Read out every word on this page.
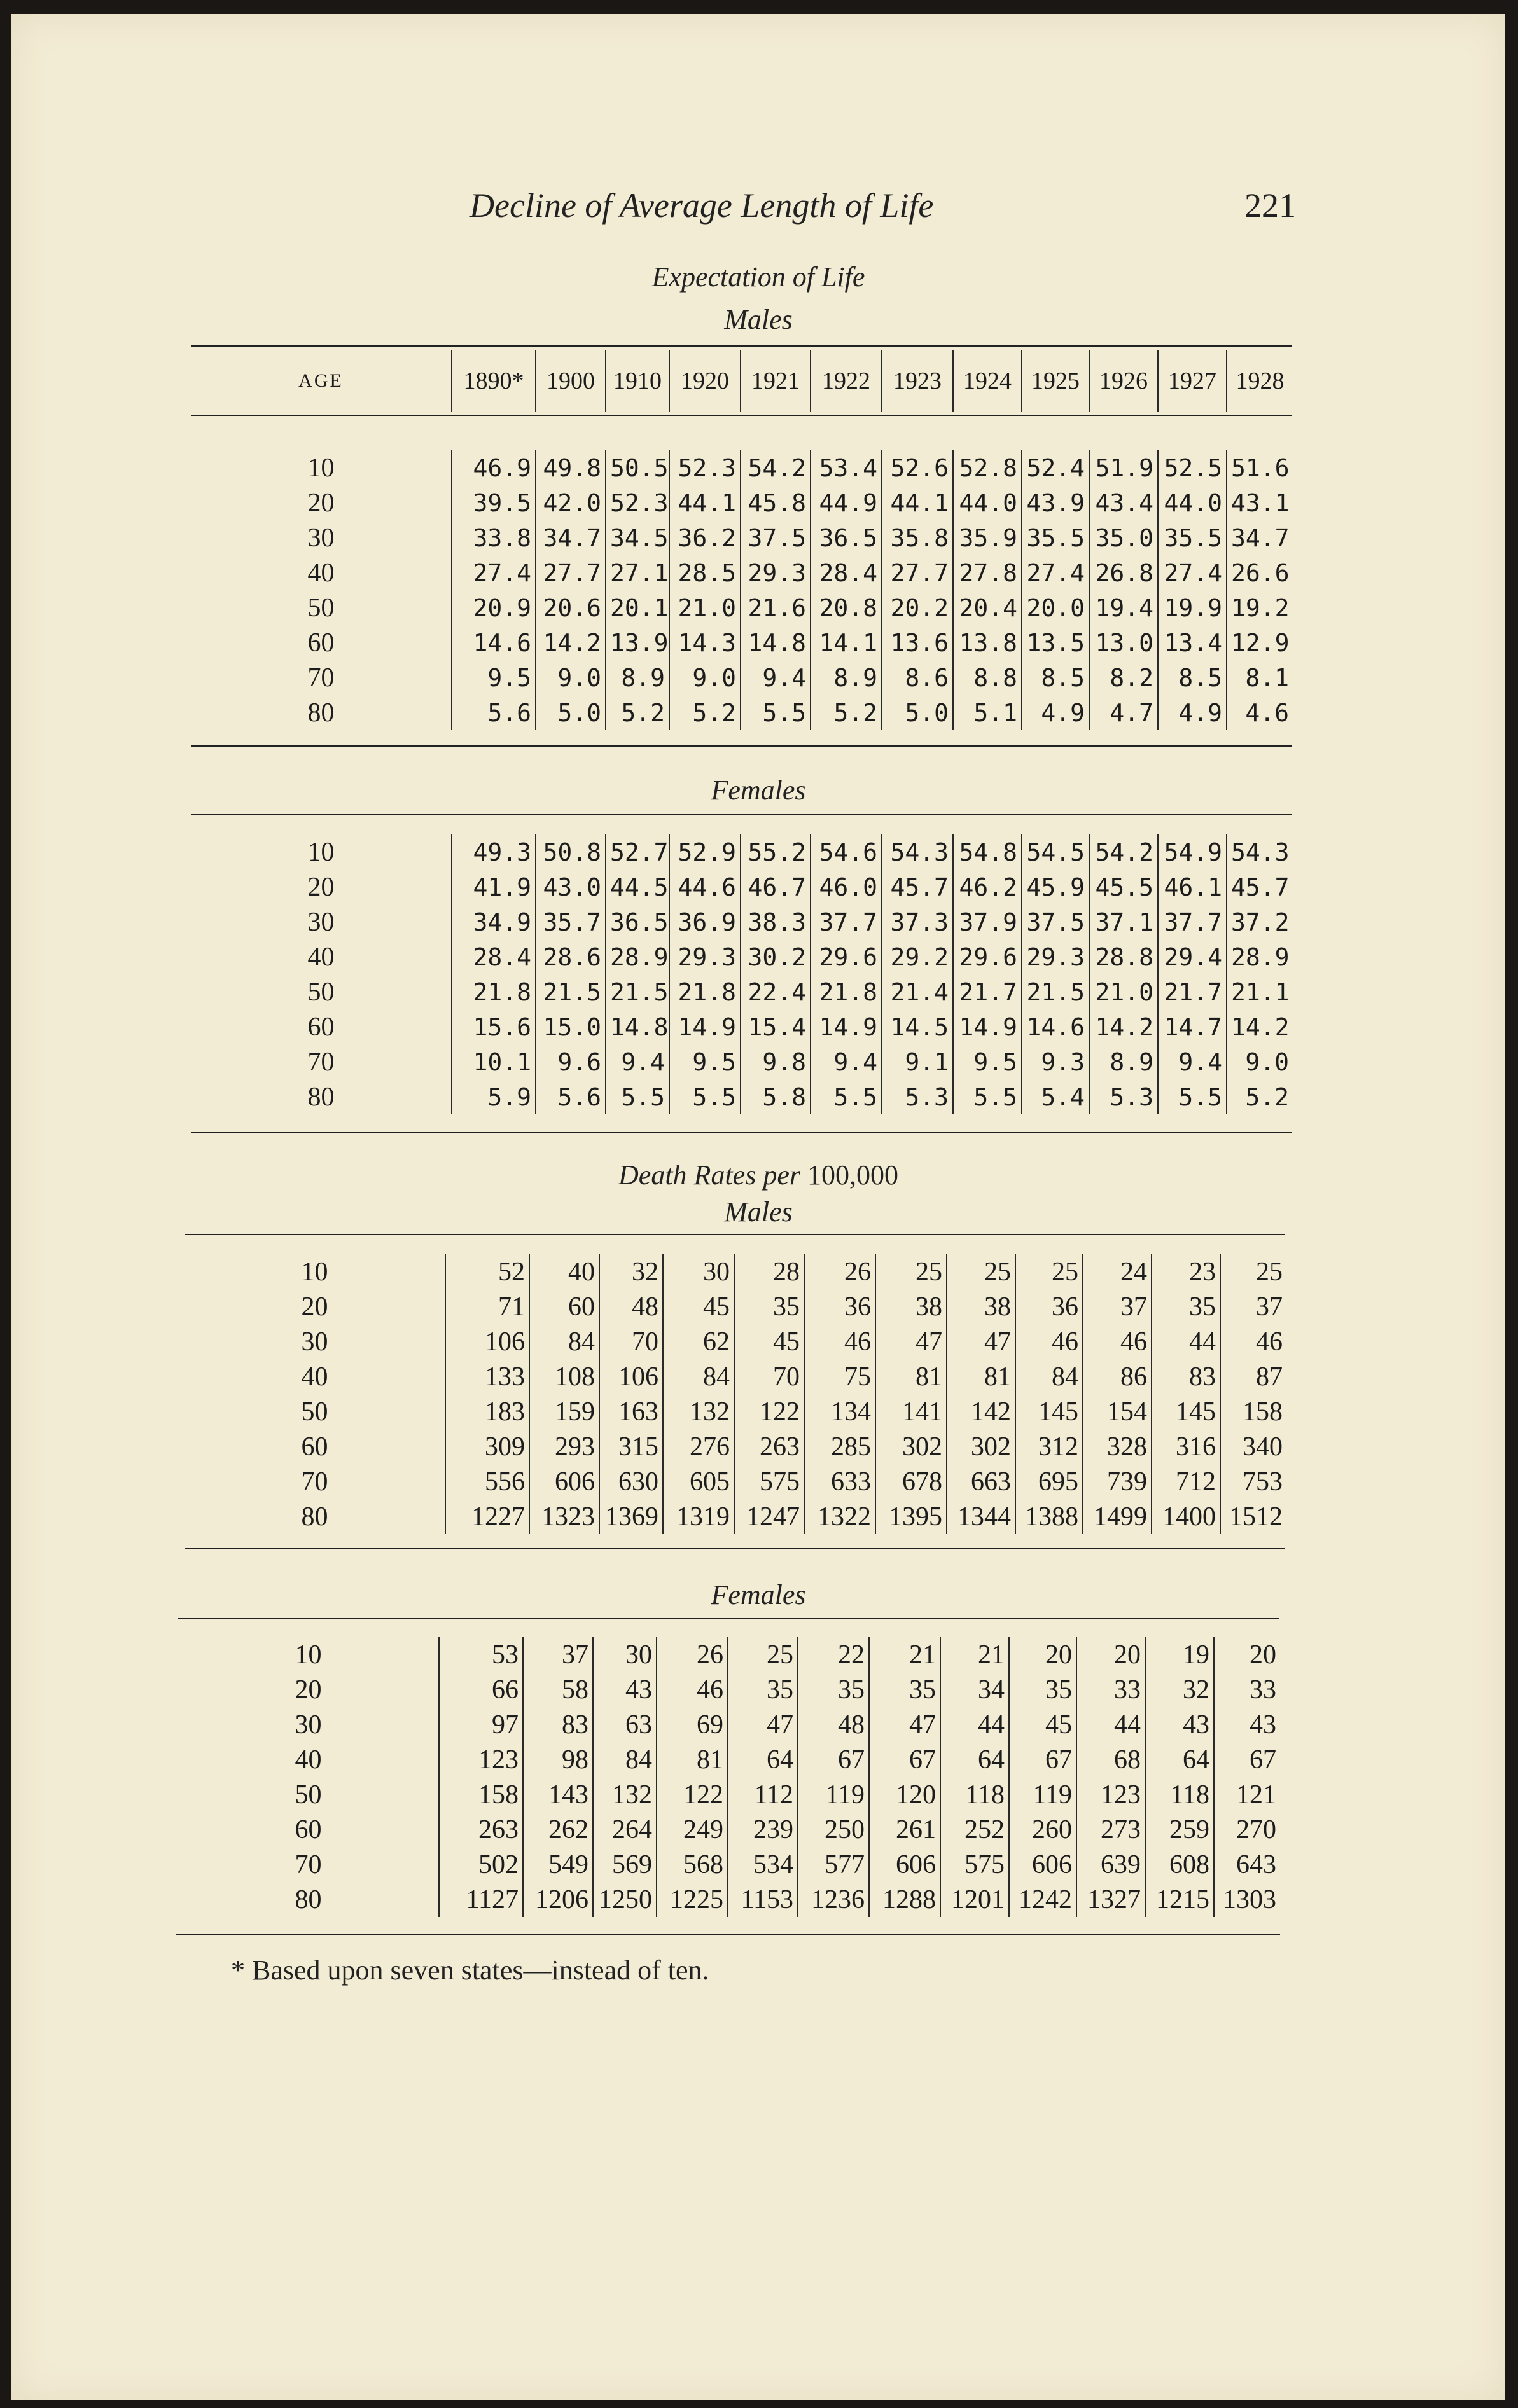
Decline of Average Length of Life	221
Expectation of Life
Males
AGE	1890*	1900	1910	1920	1921	1922	1923	1924	1925	1926	1927	1928
10	46.9	49.8	50.5	52.3	54.2	53.4	52.6	52.8	52.4	51.9	52.5	51.6
20	39.5	42.0	52.3	44.1	45.8	44.9	44.1	44.0	43.9	43.4	44.0	43.1
30	33.8	34.7	34.5	36.2	37.5	36.5	35.8	35.9	35.5	35.0	35.5	34.7
40	27.4	27.7	27.1	28.5	29.3	28.4	27.7	27.8	27.4	26.8	27.4	26.6
50	20.9	20.6	20.1	21.0	21.6	20.8	20.2	20.4	20.0	19.4	19.9	19.2
60	14.6	14.2	13.9	14.3	14.8	14.1	13.6	13.8	13.5	13.0	13.4	12.9
70	9.5	9.0	8.9	9.0	9.4	8.9	8.6	8.8	8.5	8.2	8.5	8.1
80	5.6	5.0	5.2	5.2	5.5	5.2	5.0	5.1	4.9	4.7	4.9	4.6
Females
10	49.3	50.8	52.7	52.9	55.2	54.6	54.3	54.8	54.5	54.2	54.9	54.3
20	41.9	43.0	44.5	44.6	46.7	46.0	45.7	46.2	45.9	45.5	46.1	45.7
30	34.9	35.7	36.5	36.9	38.3	37.7	37.3	37.9	37.5	37.1	37.7	37.2
40	28.4	28.6	28.9	29.3	30.2	29.6	29.2	29.6	29.3	28.8	29.4	28.9
50	21.8	21.5	21.5	21.8	22.4	21.8	21.4	21.7	21.5	21.0	21.7	21.1
60	15.6	15.0	14.8	14.9	15.4	14.9	14.5	14.9	14.6	14.2	14.7	14.2
70	10.1	9.6	9.4	9.5	9.8	9.4	9.1	9.5	9.3	8.9	9.4	9.0
80	5.9	5.6	5.5	5.5	5.8	5.5	5.3	5.5	5.4	5.3	5.5	5.2
Death Rates per 100,000
Males
10	52	40	32	30	28	26	25	25	25	24	23	25
20	71	60	48	45	35	36	38	38	36	37	35	37
30	106	84	70	62	45	46	47	47	46	46	44	46
40	133	108	106	84	70	75	81	81	84	86	83	87
50	183	159	163	132	122	134	141	142	145	154	145	158
60	309	293	315	276	263	285	302	302	312	328	316	340
70	556	606	630	605	575	633	678	663	695	739	712	753
80	1227	1323	1369	1319	1247	1322	1395	1344	1388	1499	1400	1512
Females
10	53	37	30	26	25	22	21	21	20	20	19	20
20	66	58	43	46	35	35	35	34	35	33	32	33
30	97	83	63	69	47	48	47	44	45	44	43	43
40	123	98	84	81	64	67	67	64	67	68	64	67
50	158	143	132	122	112	119	120	118	119	123	118	121
60	263	262	264	249	239	250	261	252	260	273	259	270
70	502	549	569	568	534	577	606	575	606	639	608	643
80	1127	1206	1250	1225	1153	1236	1288	1201	1242	1327	1215	1303
* Based upon seven states—instead of ten.
